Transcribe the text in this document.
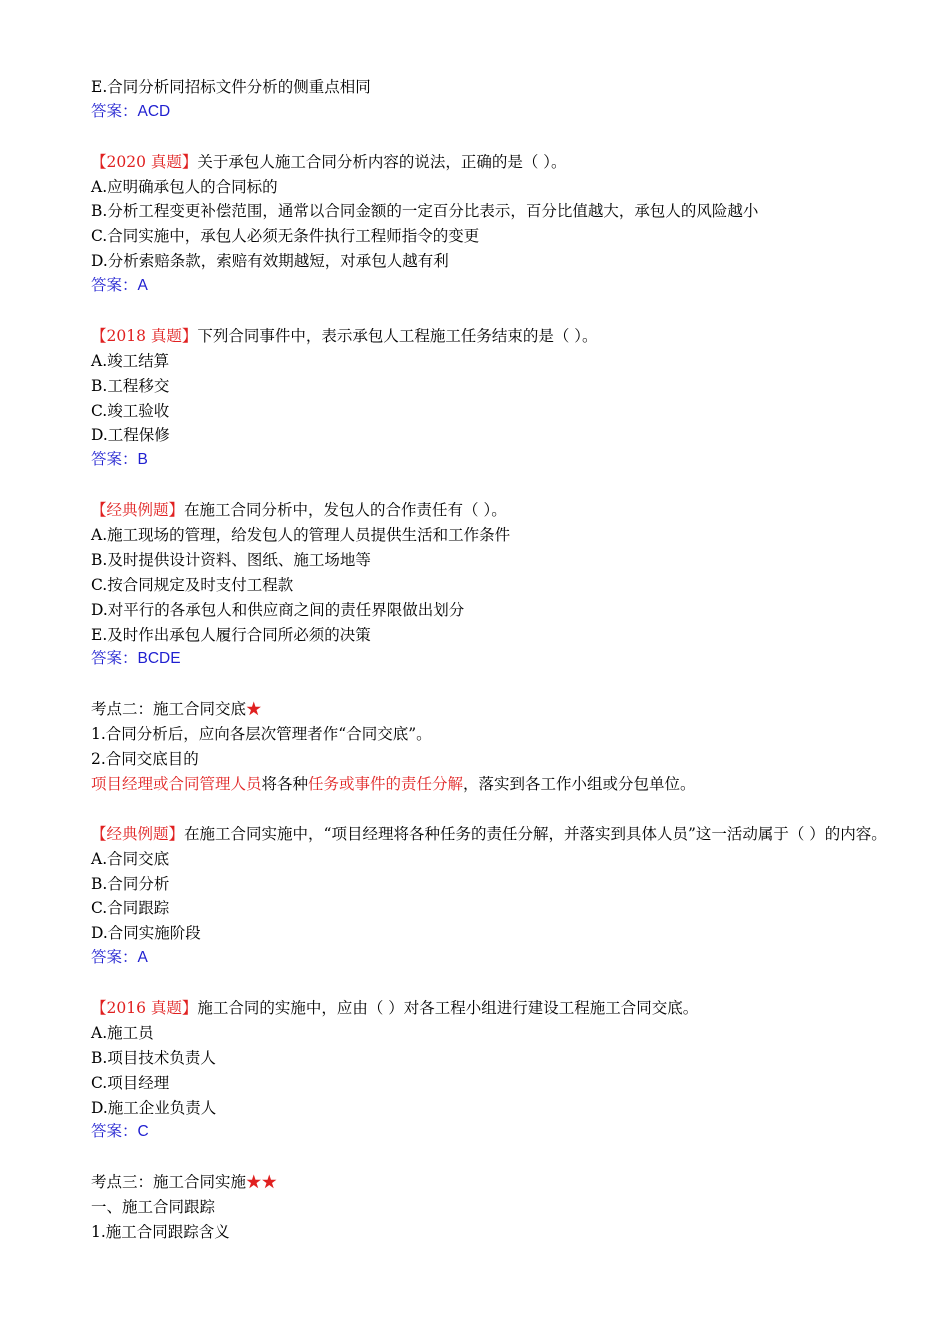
E.合同分析同招标文件分析的侧重点相同
答案：ACD
【2020 真题】关于承包人施工合同分析内容的说法，正确的是（ ）。
A.应明确承包人的合同标的
B.分析工程变更补偿范围，通常以合同金额的一定百分比表示，百分比值越大，承包人的风险越小
C.合同实施中，承包人必须无条件执行工程师指令的变更
D.分析索赔条款，索赔有效期越短，对承包人越有利
答案：A
【2018 真题】下列合同事件中，表示承包人工程施工任务结束的是（ ）。
A.竣工结算
B.工程移交
C.竣工验收
D.工程保修
答案：B
【经典例题】在施工合同分析中，发包人的合作责任有（ ）。
A.施工现场的管理，给发包人的管理人员提供生活和工作条件
B.及时提供设计资料、图纸、施工场地等
C.按合同规定及时支付工程款
D.对平行的各承包人和供应商之间的责任界限做出划分
E.及时作出承包人履行合同所必须的决策
答案：BCDE
考点二：施工合同交底★
1.合同分析后，应向各层次管理者作“合同交底”。
2.合同交底目的
项目经理或合同管理人员将各种任务或事件的责任分解，落实到各工作小组或分包单位。
【经典例题】在施工合同实施中，“项目经理将各种任务的责任分解，并落实到具体人员”这一活动属于（ ）的内容。
A.合同交底
B.合同分析
C.合同跟踪
D.合同实施阶段
答案：A
【2016 真题】施工合同的实施中，应由（ ）对各工程小组进行建设工程施工合同交底。
A.施工员
B.项目技术负责人
C.项目经理
D.施工企业负责人
答案：C
考点三：施工合同实施★★
一、施工合同跟踪
1.施工合同跟踪含义
